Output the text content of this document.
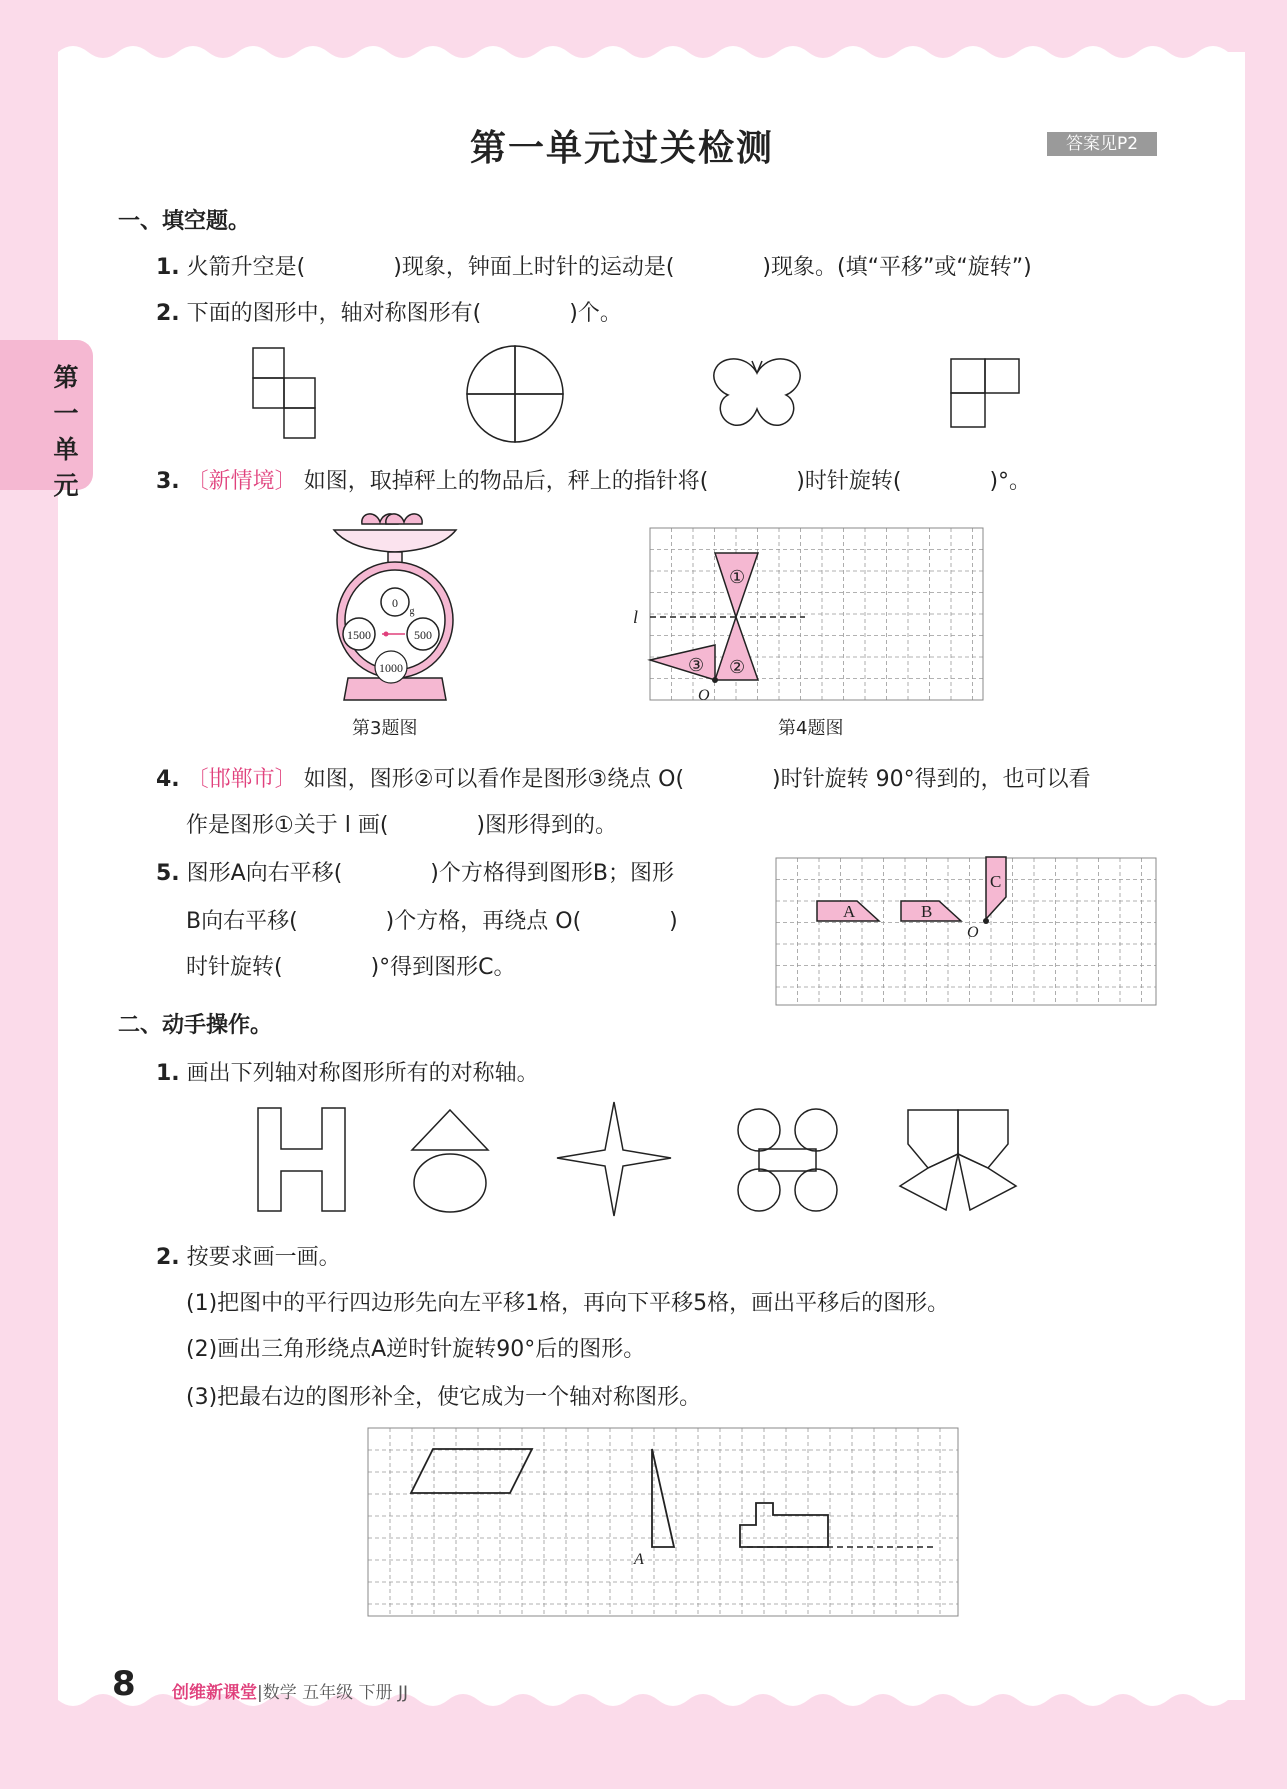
第一单元
第一单元过关检测	答案见P2
一、填空题。
1. 火箭升空是(　　　　)现象，钟面上时针的运动是(　　　　)现象。(填“平移”或“旋转”)
2. 下面的图形中，轴对称图形有(　　　　)个。
3. 〔新情境〕 如图，取掉秤上的物品后，秤上的指针将(　　　　)时针旋转(　　　　)°。
0
g
1500	500
1000
第3题图
①
②
③
l
O
第4题图
4. 〔邯郸市〕 如图，图形②可以看作是图形③绕点 O(　　　　)时针旋转 90°得到的，也可以看
作是图形①关于 l 画(　　　　)图形得到的。
5. 图形A向右平移(　　　　)个方格得到图形B；图形
B向右平移(　　　　)个方格，再绕点 O(　　　　)
时针旋转(　　　　)°得到图形C。
A	B
C
O
二、动手操作。
1. 画出下列轴对称图形所有的对称轴。
2. 按要求画一画。
(1)把图中的平行四边形先向左平移1格，再向下平移5格，画出平移后的图形。
(2)画出三角形绕点A逆时针旋转90°后的图形。
(3)把最右边的图形补全，使它成为一个轴对称图形。
A
8 创维新课堂|数学 五年级 下册 JJ
